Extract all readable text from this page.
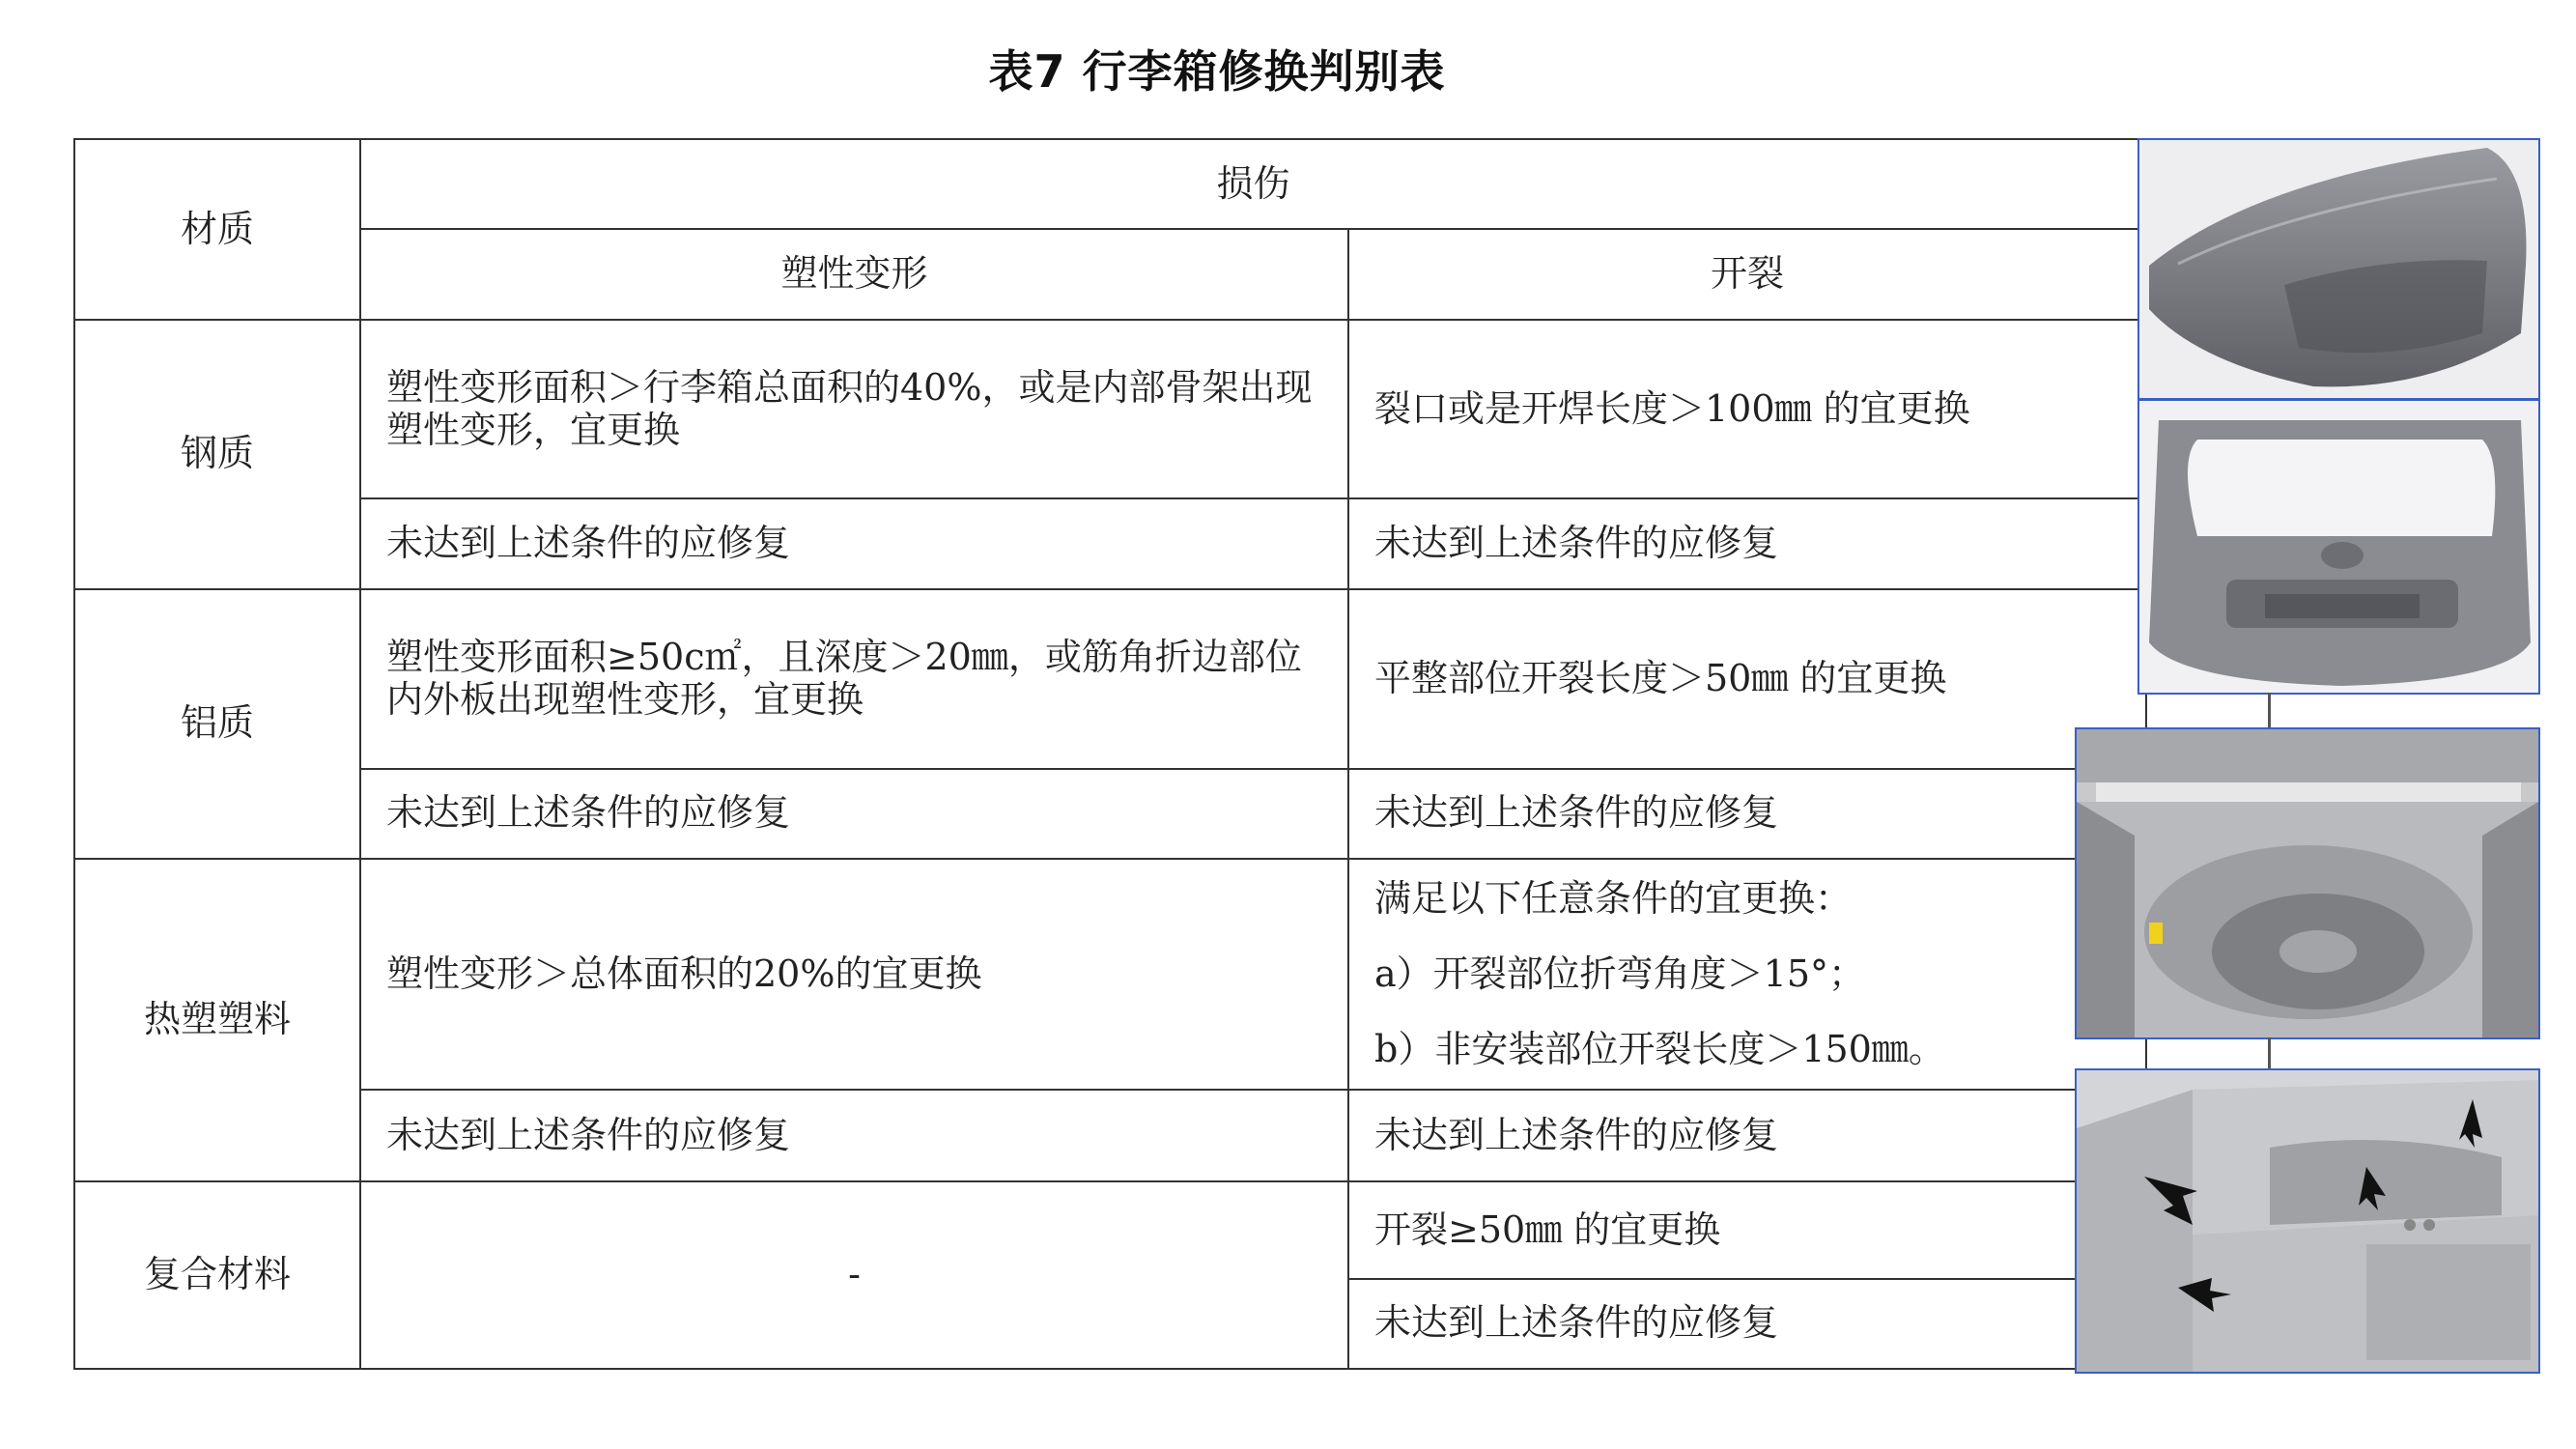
表7 行李箱修换判别表
材质	损伤	
	塑性变形	开裂
钢质	塑性变形面积＞行李箱总面积的40%，或是内部骨架出现塑性变形，宜更换	裂口或是开焊长度＞100㎜ 的宜更换
	未达到上述条件的应修复	未达到上述条件的应修复
铝质	塑性变形面积≥50c㎡，且深度＞20㎜，或筋角折边部位内外板出现塑性变形，宜更换	平整部位开裂长度＞50㎜ 的宜更换
	未达到上述条件的应修复	未达到上述条件的应修复
热塑塑料	塑性变形＞总体面积的20%的宜更换	满足以下任意条件的宜更换：
a）开裂部位折弯角度＞15°；
b）非安装部位开裂长度＞150㎜。

	未达到上述条件的应修复	未达到上述条件的应修复
复合材料	-	开裂≥50㎜ 的宜更换
		未达到上述条件的应修复
